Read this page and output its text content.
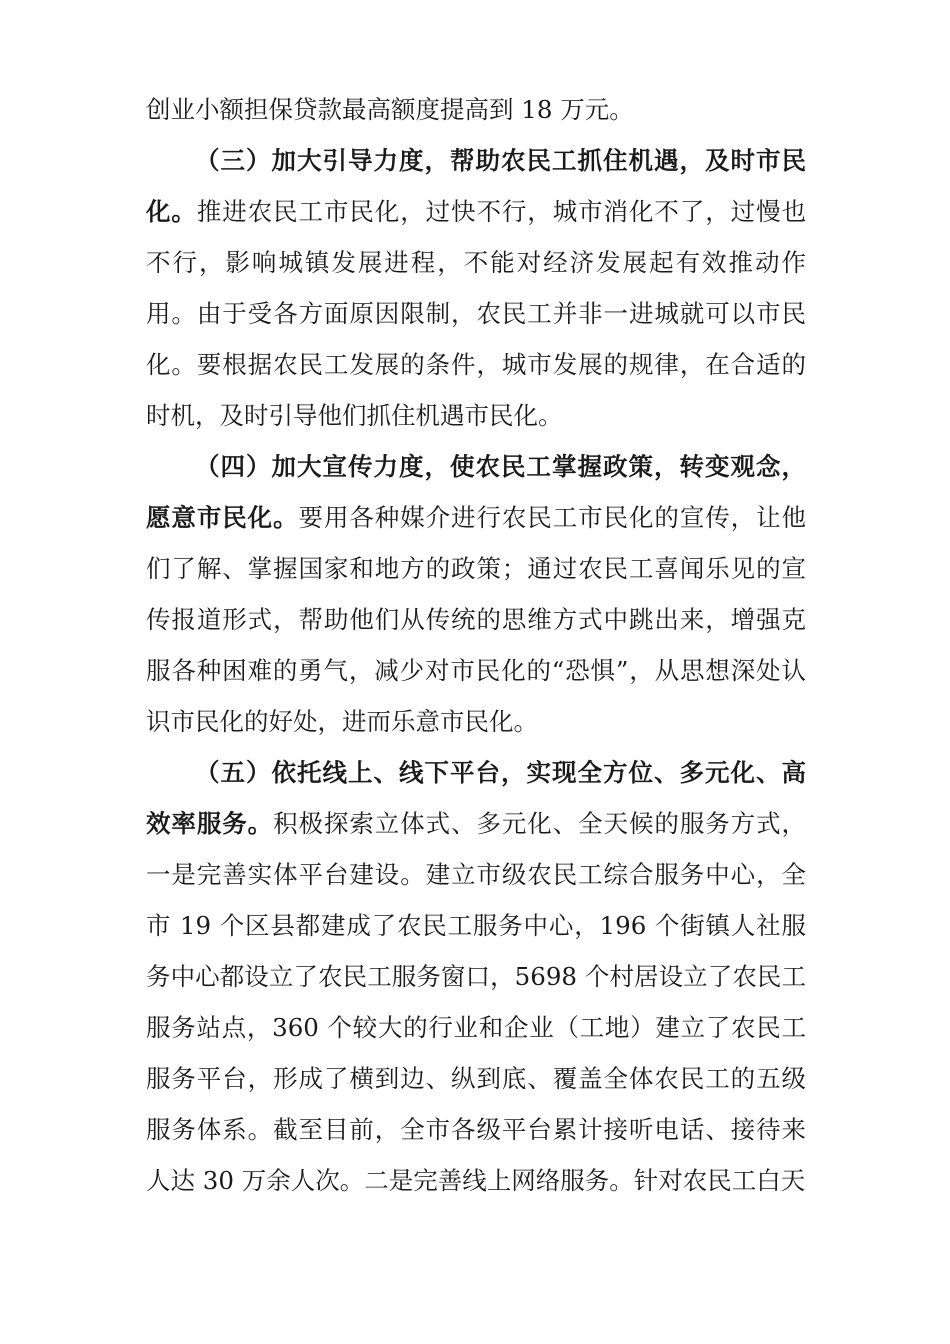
创业小额担保贷款最高额度提高到 18 万元。

（三）加大引导力度，帮助农民工抓住机遇，及时市民化。推进农民工市民化，过快不行，城市消化不了，过慢也不行，影响城镇发展进程，不能对经济发展起有效推动作用。由于受各方面原因限制，农民工并非一进城就可以市民化。要根据农民工发展的条件，城市发展的规律，在合适的时机，及时引导他们抓住机遇市民化。

（四）加大宣传力度，使农民工掌握政策，转变观念，愿意市民化。要用各种媒介进行农民工市民化的宣传，让他们了解、掌握国家和地方的政策；通过农民工喜闻乐见的宣传报道形式，帮助他们从传统的思维方式中跳出来，增强克服各种困难的勇气，减少对市民化的“恐惧”，从思想深处认识市民化的好处，进而乐意市民化。

（五）依托线上、线下平台，实现全方位、多元化、高效率服务。积极探索立体式、多元化、全天候的服务方式，一是完善实体平台建设。建立市级农民工综合服务中心，全市 19 个区县都建成了农民工服务中心，196 个街镇人社服务中心都设立了农民工服务窗口，5698 个村居设立了农民工服务站点，360 个较大的行业和企业（工地）建立了农民工服务平台，形成了横到边、纵到底、覆盖全体农民工的五级服务体系。截至目前，全市各级平台累计接听电话、接待来人达 30 万余人次。二是完善线上网络服务。针对农民工白天
